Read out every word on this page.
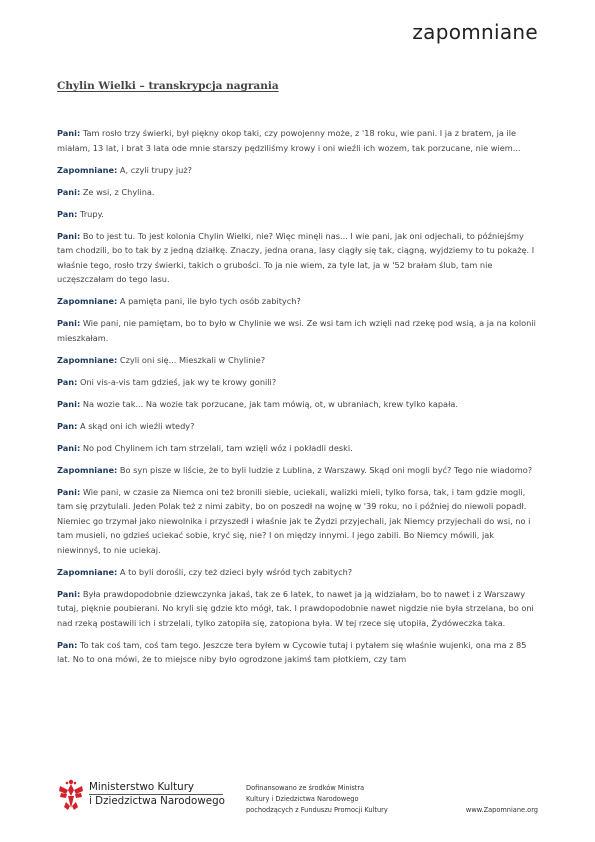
zapomniane
Chylin Wielki – transkrypcja nagrania

Pani: Tam rosło trzy świerki, był piękny okop taki, czy powojenny może, z '18 roku, wie pani. I ja z bratem, ja ile miałam, 13 lat, i brat 3 lata ode mnie starszy pędziliśmy krowy i oni wieźli ich wozem, tak porzucane, nie wiem...

Zapomniane: A, czyli trupy już?

Pani: Ze wsi, z Chylina.

Pan: Trupy.

Pani: Bo to jest tu. To jest kolonia Chylin Wielki, nie? Więc minęli nas... I wie pani, jak oni odjechali, to późniejśmy tam chodzili, bo to tak by z jedną działkę. Znaczy, jedna orana, lasy ciągły się tak, ciągną, wyjdziemy to tu pokażę. I właśnie tego, rosło trzy świerki, takich o grubości. To ja nie wiem, za tyle lat, ja w '52 brałam ślub, tam nie uczęszczałam do tego lasu.

Zapomniane: A pamięta pani, ile było tych osób zabitych?

Pani: Wie pani, nie pamiętam, bo to było w Chylinie we wsi. Ze wsi tam ich wzięli nad rzekę pod wsią, a ja na kolonii mieszkałam.

Zapomniane: Czyli oni się... Mieszkali w Chylinie?

Pan: Oni vis-a-vis tam gdzieś, jak wy te krowy gonili?

Pani: Na wozie tak... Na wozie tak porzucane, jak tam mówią, ot, w ubraniach, krew tylko kapała.

Pan: A skąd oni ich wieźli wtedy?

Pani: No pod Chylinem ich tam strzelali, tam wzięli wóz i pokładli deski.

Zapomniane: Bo syn pisze w liście, że to byli ludzie z Lublina, z Warszawy. Skąd oni mogli być? Tego nie wiadomo?

Pani: Wie pani, w czasie za Niemca oni też bronili siebie, uciekali, walizki mieli, tylko forsa, tak, i tam gdzie mogli, tam się przytulali. Jeden Polak też z nimi zabity, bo on poszedł na wojnę w '39 roku, no i później do niewoli popadł. Niemiec go trzymał jako niewolnika i przyszedł i właśnie jak te Żydzi przyjechali, jak Niemcy przyjechali do wsi, no i tam musieli, no gdzieś uciekać sobie, kryć się, nie? I on między innymi. I jego zabili. Bo Niemcy mówili, jak niewinnyś, to nie uciekaj.

Zapomniane: A to byli dorośli, czy też dzieci były wśród tych zabitych?

Pani: Była prawdopodobnie dziewczynka jakaś, tak ze 6 latek, to nawet ja ją widziałam, bo to nawet i z Warszawy tutaj, pięknie poubierani. No kryli się gdzie kto mógł, tak. I prawdopodobnie nawet nigdzie nie była strzelana, bo oni nad rzeką postawili ich i strzelali, tylko zatopiła się, zatopiona była. W tej rzece się utopiła, Żydóweczka taka.

Pan: To tak coś tam, coś tam tego. Jeszcze tera byłem w Cycowie tutaj i pytałem się właśnie wujenki, ona ma z 85 lat. No to ona mówi, że to miejsce niby było ogrodzone jakimś tam płotkiem, czy tam

Ministerstwo Kultury
i Dziedzictwa Narodowego
Dofinansowano ze środków Ministra
Kultury i Dziedzictwa Narodowego
pochodzących z Funduszu Promocji Kultury	www.Zapomniane.org
